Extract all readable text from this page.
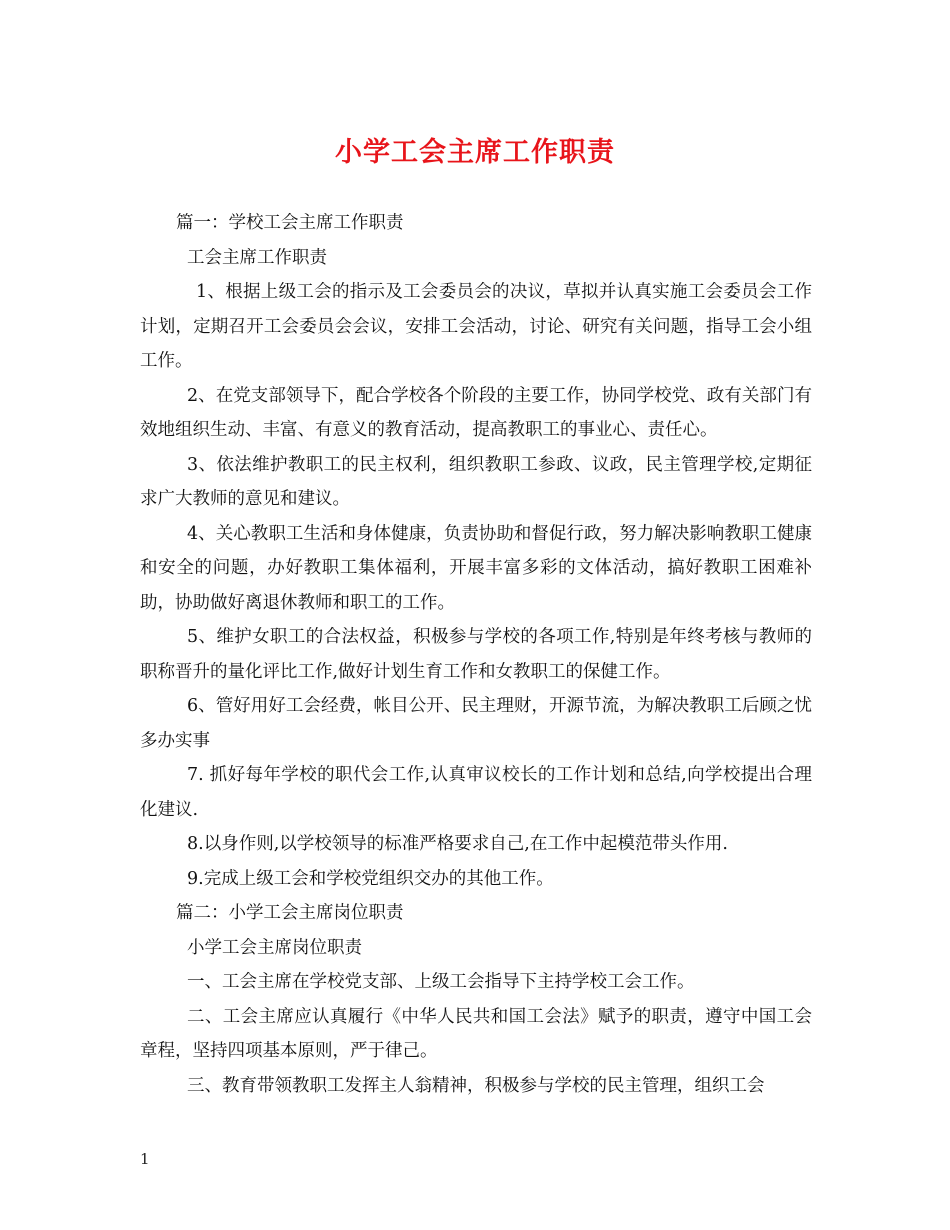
小学工会主席工作职责

篇一：学校工会主席工作职责

工会主席工作职责

1、根据上级工会的指示及工会委员会的决议，草拟并认真实施工会委员会工作计划，定期召开工会委员会会议，安排工会活动，讨论、研究有关问题，指导工会小组工作。

2、在党支部领导下，配合学校各个阶段的主要工作，协同学校党、政有关部门有效地组织生动、丰富、有意义的教育活动，提高教职工的事业心、责任心。

3、依法维护教职工的民主权利，组织教职工参政、议政，民主管理学校,定期征求广大教师的意见和建议。

4、关心教职工生活和身体健康，负责协助和督促行政，努力解决影响教职工健康和安全的问题，办好教职工集体福利，开展丰富多彩的文体活动，搞好教职工困难补助，协助做好离退休教师和职工的工作。

5、维护女职工的合法权益，积极参与学校的各项工作,特别是年终考核与教师的职称晋升的量化评比工作,做好计划生育工作和女教职工的保健工作。

6、管好用好工会经费，帐目公开、民主理财，开源节流，为解决教职工后顾之忧多办实事

7. 抓好每年学校的职代会工作,认真审议校长的工作计划和总结,向学校提出合理化建议.

8.以身作则,以学校领导的标准严格要求自己,在工作中起模范带头作用.

9.完成上级工会和学校党组织交办的其他工作。

篇二：小学工会主席岗位职责

小学工会主席岗位职责

一、工会主席在学校党支部、上级工会指导下主持学校工会工作。

二、工会主席应认真履行《中华人民共和国工会法》赋予的职责，遵守中国工会章程，坚持四项基本原则，严于律己。

三、教育带领教职工发挥主人翁精神，积极参与学校的民主管理，组织工会

1
